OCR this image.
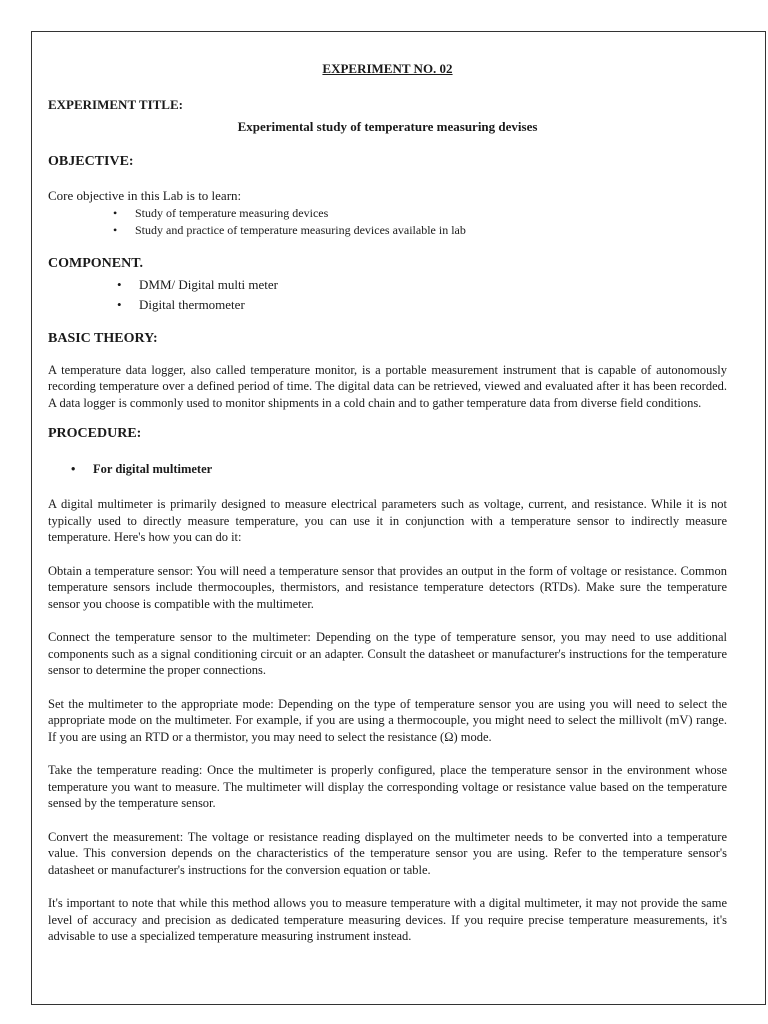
EXPERIMENT NO. 02
EXPERIMENT TITLE:
Experimental study of temperature measuring devises
OBJECTIVE:

Core objective in this Lab is to learn:

• Study of temperature measuring devices
• Study and practice of temperature measuring devices available in lab
COMPONENT.
• DMM/ Digital multi meter
• Digital thermometer
BASIC THEORY:

A temperature data logger, also called temperature monitor, is a portable measurement instrument that is capable of autonomously recording temperature over a defined period of time. The digital data can be retrieved, viewed and evaluated after it has been recorded. A data logger is commonly used to monitor shipments in a cold chain and to gather temperature data from diverse field conditions.

PROCEDURE:
• For digital multimeter

A digital multimeter is primarily designed to measure electrical parameters such as voltage, current, and resistance. While it is not typically used to directly measure temperature, you can use it in conjunction with a temperature sensor to indirectly measure temperature. Here's how you can do it:

Obtain a temperature sensor: You will need a temperature sensor that provides an output in the form of voltage or resistance. Common temperature sensors include thermocouples, thermistors, and resistance temperature detectors (RTDs). Make sure the temperature sensor you choose is compatible with the multimeter.

Connect the temperature sensor to the multimeter: Depending on the type of temperature sensor, you may need to use additional components such as a signal conditioning circuit or an adapter. Consult the datasheet or manufacturer's instructions for the temperature sensor to determine the proper connections.

Set the multimeter to the appropriate mode: Depending on the type of temperature sensor you are using you will need to select the appropriate mode on the multimeter. For example, if you are using a thermocouple, you might need to select the millivolt (mV) range. If you are using an RTD or a thermistor, you may need to select the resistance (Ω) mode.

Take the temperature reading: Once the multimeter is properly configured, place the temperature sensor in the environment whose temperature you want to measure. The multimeter will display the corresponding voltage or resistance value based on the temperature sensed by the temperature sensor.

Convert the measurement: The voltage or resistance reading displayed on the multimeter needs to be converted into a temperature value. This conversion depends on the characteristics of the temperature sensor you are using. Refer to the temperature sensor's datasheet or manufacturer's instructions for the conversion equation or table.

It's important to note that while this method allows you to measure temperature with a digital multimeter, it may not provide the same level of accuracy and precision as dedicated temperature measuring devices. If you require precise temperature measurements, it's advisable to use a specialized temperature measuring instrument instead.
